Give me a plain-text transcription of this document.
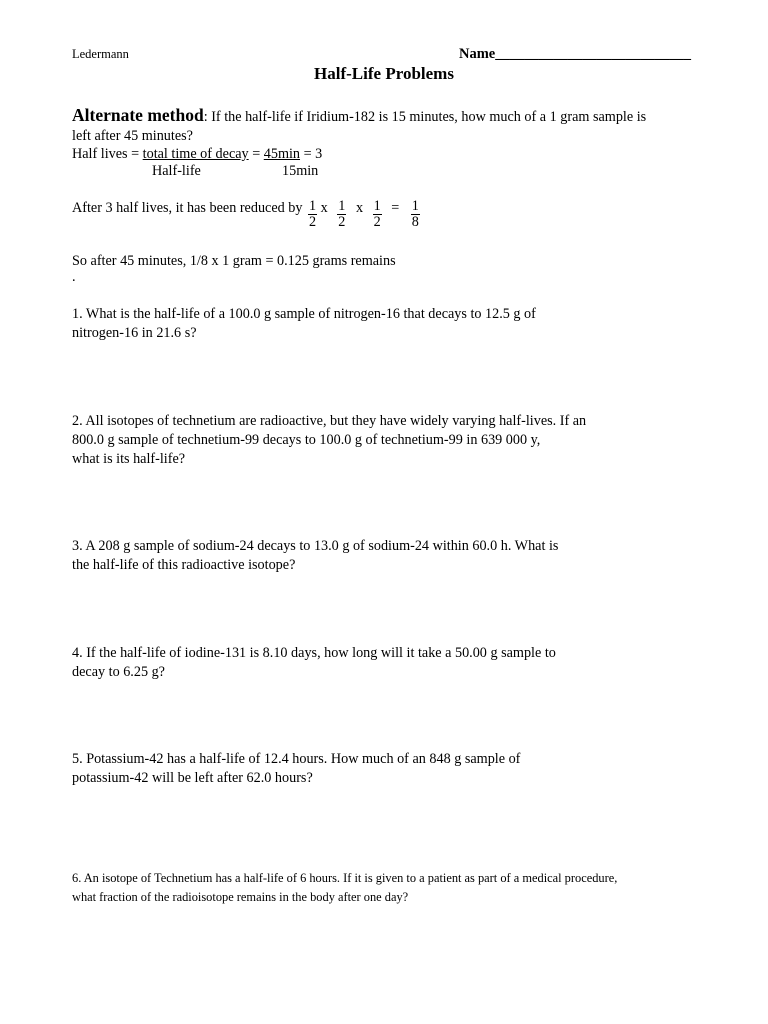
Ledermann	Name___________________________
Half-Life Problems
Alternate method: If the half-life if Iridium-182 is 15 minutes, how much of a 1 gram sample is
left after 45 minutes?
Half lives = total time of decay = 45min = 3
Half-life	15min
After 3 half lives, it has been reduced by $\frac{1}{2}$ x $\frac{1}{2}$ x $\frac{1}{2} = \frac{1}{8}$
So after 45 minutes, 1/8 x 1 gram = 0.125 grams remains
.
1. What is the half-life of a 100.0 g sample of nitrogen-16 that decays to 12.5 g of
nitrogen-16 in 21.6 s?
2. All isotopes of technetium are radioactive, but they have widely varying half-lives. If an
800.0 g sample of technetium-99 decays to 100.0 g of technetium-99 in 639 000 y,
what is its half-life?
3. A 208 g sample of sodium-24 decays to 13.0 g of sodium-24 within 60.0 h. What is
the half-life of this radioactive isotope?
4. If the half-life of iodine-131 is 8.10 days, how long will it take a 50.00 g sample to
decay to 6.25 g?
5. Potassium-42 has a half-life of 12.4 hours. How much of an 848 g sample of
potassium-42 will be left after 62.0 hours?
6. An isotope of Technetium has a half-life of 6 hours. If it is given to a patient as part of a medical procedure,
what fraction of the radioisotope remains in the body after one day?
